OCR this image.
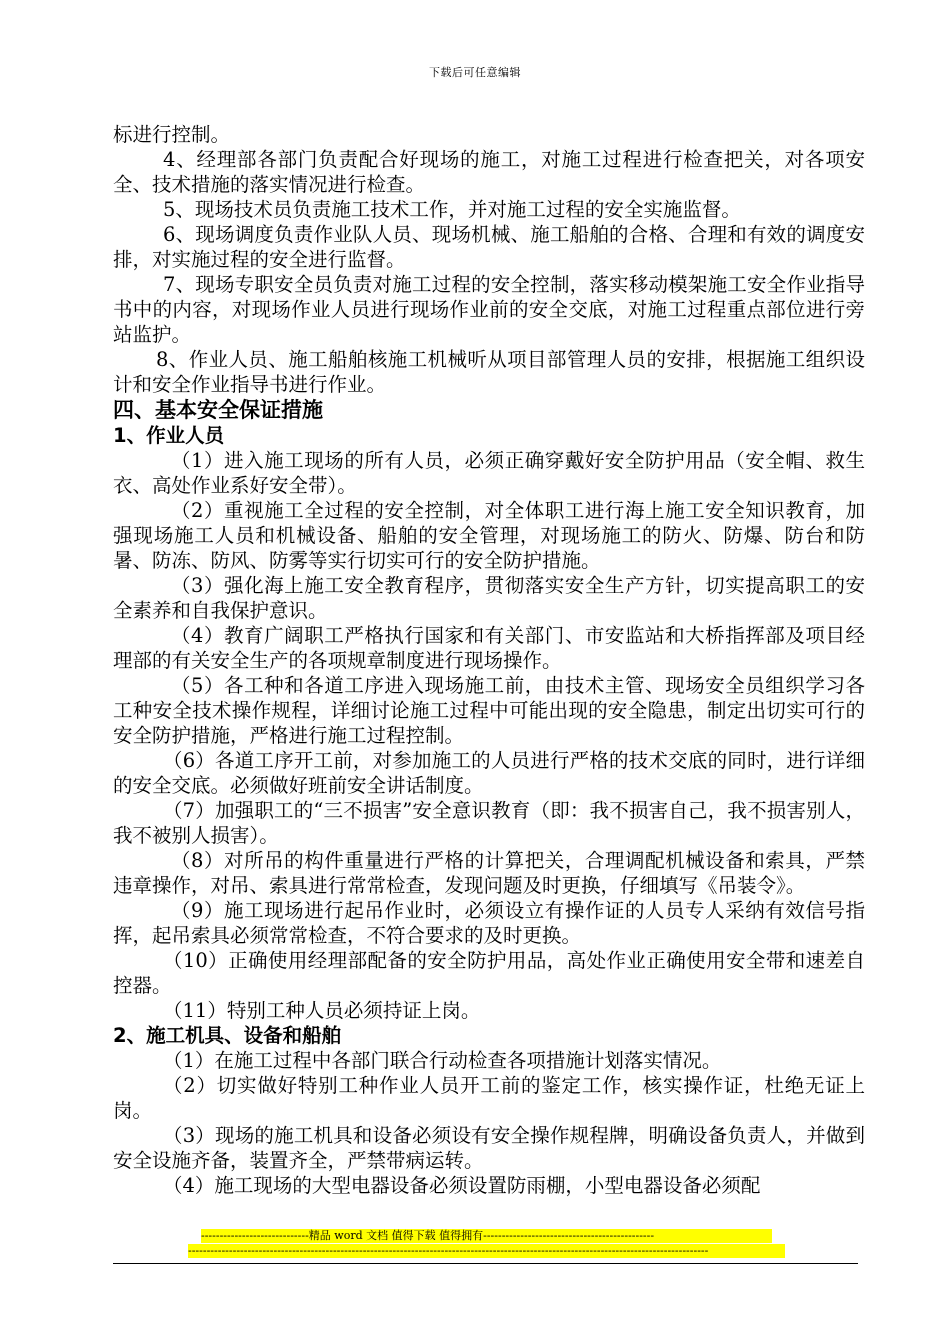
下载后可任意编辑

标进行控制。

4、经理部各部门负责配合好现场的施工，对施工过程进行检查把关，对各项安全、技术措施的落实情况进行检查。

5、现场技术员负责施工技术工作，并对施工过程的安全实施监督。

6、现场调度负责作业队人员、现场机械、施工船舶的合格、合理和有效的调度安排，对实施过程的安全进行监督。

7、现场专职安全员负责对施工过程的安全控制，落实移动模架施工安全作业指导书中的内容，对现场作业人员进行现场作业前的安全交底，对施工过程重点部位进行旁站监护。

8、作业人员、施工船舶核施工机械听从项目部管理人员的安排，根据施工组织设计和安全作业指导书进行作业。

四、基本安全保证措施

1、作业人员

（1）进入施工现场的所有人员，必须正确穿戴好安全防护用品（安全帽、救生衣、高处作业系好安全带）。

（2）重视施工全过程的安全控制，对全体职工进行海上施工安全知识教育，加强现场施工人员和机械设备、船舶的安全管理，对现场施工的防火、防爆、防台和防暑、防冻、防风、防雾等实行切实可行的安全防护措施。

（3）强化海上施工安全教育程序，贯彻落实安全生产方针，切实提高职工的安全素养和自我保护意识。

（4）教育广阔职工严格执行国家和有关部门、市安监站和大桥指挥部及项目经理部的有关安全生产的各项规章制度进行现场操作。

（5）各工种和各道工序进入现场施工前，由技术主管、现场安全员组织学习各工种安全技术操作规程，详细讨论施工过程中可能出现的安全隐患，制定出切实可行的安全防护措施，严格进行施工过程控制。

（6）各道工序开工前，对参加施工的人员进行严格的技术交底的同时，进行详细的安全交底。必须做好班前安全讲话制度。

（7）加强职工的“三不损害”安全意识教育（即：我不损害自己，我不损害别人，我不被别人损害）。

（8）对所吊的构件重量进行严格的计算把关，合理调配机械设备和索具，严禁违章操作，对吊、索具进行常常检查，发现问题及时更换，仔细填写《吊装令》。

（9）施工现场进行起吊作业时，必须设立有操作证的人员专人采纳有效信号指挥，起吊索具必须常常检查，不符合要求的及时更换。

（10）正确使用经理部配备的安全防护用品，高处作业正确使用安全带和速差自控器。

（11）特别工种人员必须持证上岗。

2、施工机具、设备和船舶

（1）在施工过程中各部门联合行动检查各项措施计划落实情况。

（2）切实做好特别工种作业人员开工前的鉴定工作，核实操作证，杜绝无证上岗。

（3）现场的施工机具和设备必须设有安全操作规程牌，明确设备负责人，并做到安全设施齐备，装置齐全，严禁带病运转。

（4）施工现场的大型电器设备必须设置防雨棚，小型电器设备必须配

-----------------------------精品 word 文档 值得下载 值得拥有----------------------------------------------
--------------------------------------------------------------------------------------------------------------------------------------------
